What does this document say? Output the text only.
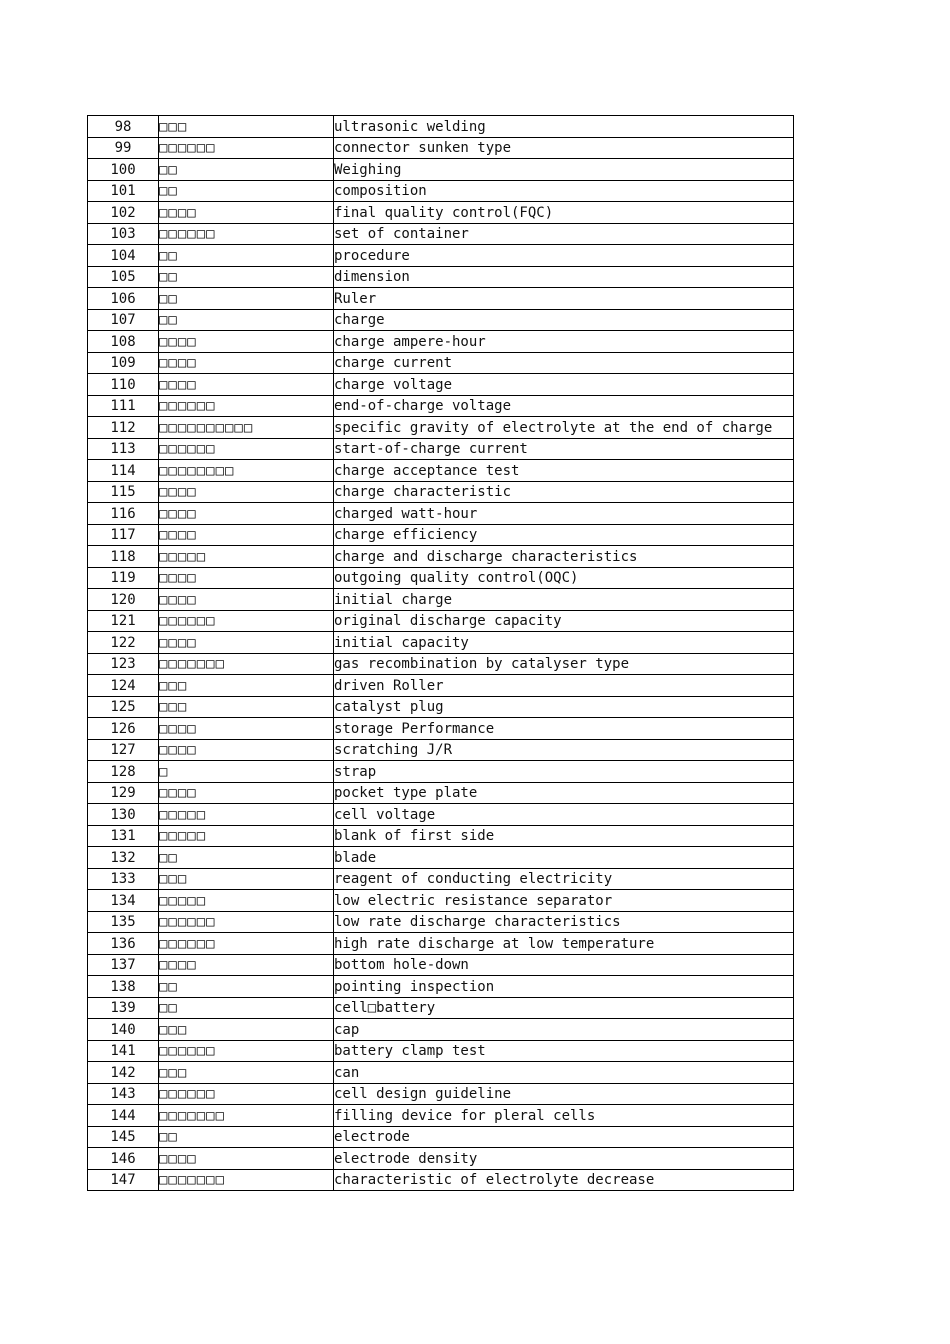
98	□□□	ultrasonic welding
99	□□□□□□	connector sunken type
100	□□	Weighing
101	□□	composition
102	□□□□	final quality control(FQC)
103	□□□□□□	set of container
104	□□	procedure
105	□□	dimension
106	□□	Ruler
107	□□	charge
108	□□□□	charge ampere-hour
109	□□□□	charge current
110	□□□□	charge voltage
111	□□□□□□	end-of-charge voltage
112	□□□□□□□□□□	specific gravity of electrolyte at the end of charge
113	□□□□□□	start-of-charge current
114	□□□□□□□□	charge acceptance test
115	□□□□	charge characteristic
116	□□□□	charged watt-hour
117	□□□□	charge efficiency
118	□□□□□	charge and discharge characteristics
119	□□□□	outgoing quality control(OQC)
120	□□□□	initial charge
121	□□□□□□	original discharge capacity
122	□□□□	initial capacity
123	□□□□□□□	gas recombination by catalyser type
124	□□□	driven Roller
125	□□□	catalyst plug
126	□□□□	storage Performance
127	□□□□	scratching J/R
128	□	strap
129	□□□□	pocket type plate
130	□□□□□	cell voltage
131	□□□□□	blank of first side
132	□□	blade
133	□□□	reagent of conducting electricity
134	□□□□□	low electric resistance separator
135	□□□□□□	low rate discharge characteristics
136	□□□□□□	high rate discharge at low temperature
137	□□□□	bottom hole-down
138	□□	pointing inspection
139	□□	cell□battery
140	□□□	cap
141	□□□□□□	battery clamp test
142	□□□	can
143	□□□□□□	cell design guideline
144	□□□□□□□	filling device for pleral cells
145	□□	electrode
146	□□□□	electrode density
147	□□□□□□□	characteristic of electrolyte decrease
